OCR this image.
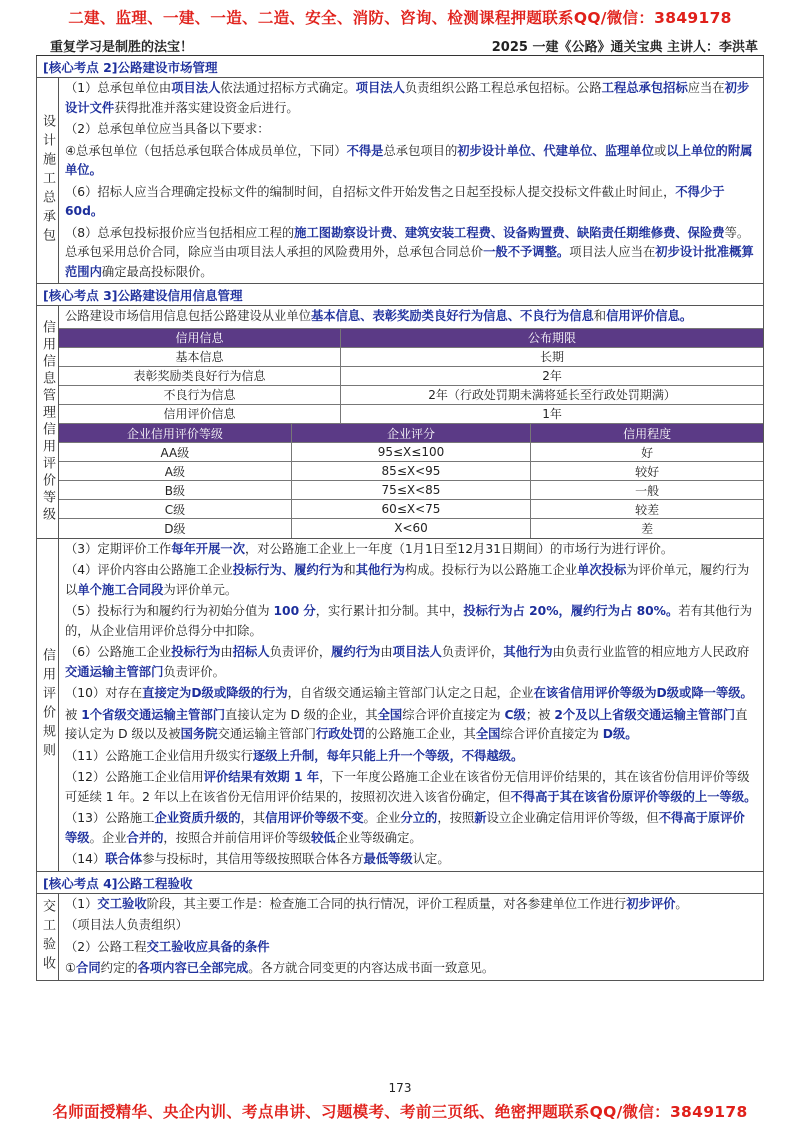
二建、监理、一建、一造、二造、安全、消防、咨询、检测课程押题联系QQ/微信：3849178
重复学习是制胜的法宝！	2025 一建《公路》通关宝典 主讲人：李洪革
[核心考点 2]公路建设市场管理
设计施工总承包
（1）总承包单位由项目法人依法通过招标方式确定。项目法人负责组织公路工程总承包招标。公路工程总承包招标应当在初步设计文件获得批准并落实建设资金后进行。
（2）总承包单位应当具备以下要求：
④总承包单位（包括总承包联合体成员单位，下同）不得是总承包项目的初步设计单位、代建单位、监理单位或以上单位的附属单位。
（6）招标人应当合理确定投标文件的编制时间，自招标文件开始发售之日起至投标人提交投标文件截止时间止，不得少于 60d。
（8）总承包投标报价应当包括相应工程的施工图勘察设计费、建筑安装工程费、设备购置费、缺陷责任期维修费、保险费等。总承包采用总价合同，除应当由项目法人承担的风险费用外，总承包合同总价一般不予调整。项目法人应当在初步设计批准概算范围内确定最高投标限价。
[核心考点 3]公路建设信用信息管理
信用信息管理信用评价等级
公路建设市场信用信息包括公路建设从业单位基本信息、表彰奖励类良好行为信息、不良行为信息和信用评价信息。
信用信息	公布期限
基本信息	长期
表彰奖励类良好行为信息	2年
不良行为信息	2年（行政处罚期未满将延长至行政处罚期满）
信用评价信息	1年
企业信用评价等级	企业评分	信用程度
AA级	95≤X≤100	好
A级	85≤X<95	较好
B级	75≤X<85	一般
C级	60≤X<75	较差
D级	X<60	差
信用评价规则
（3）定期评价工作每年开展一次，对公路施工企业上一年度（1月1日至12月31日期间）的市场行为进行评价。
（4）评价内容由公路施工企业投标行为、履约行为和其他行为构成。投标行为以公路施工企业单次投标为评价单元，履约行为以单个施工合同段为评价单元。
（5）投标行为和履约行为初始分值为 100 分，实行累计扣分制。其中，投标行为占 20%，履约行为占 80%。若有其他行为的，从企业信用评价总得分中扣除。
（6）公路施工企业投标行为由招标人负责评价，履约行为由项目法人负责评价，其他行为由负责行业监管的相应地方人民政府交通运输主管部门负责评价。
（10）对存在直接定为D级或降级的行为，自省级交通运输主管部门认定之日起，企业在该省信用评价等级为D级或降一等级。
被 1个省级交通运输主管部门直接认定为 D 级的企业，其全国综合评价直接定为 C级；被 2个及以上省级交通运输主管部门直接认定为 D 级以及被国务院交通运输主管部门行政处罚的公路施工企业，其全国综合评价直接定为 D级。
（11）公路施工企业信用升级实行逐级上升制，每年只能上升一个等级，不得越级。
（12）公路施工企业信用评价结果有效期 1 年，下一年度公路施工企业在该省份无信用评价结果的，其在该省份信用评价等级可延续 1 年。2 年以上在该省份无信用评价结果的，按照初次进入该省份确定，但不得高于其在该省份原评价等级的上一等级。
（13）公路施工企业资质升级的，其信用评价等级不变。企业分立的，按照新设立企业确定信用评价等级，但不得高于原评价等级。企业合并的，按照合并前信用评价等级较低企业等级确定。
（14）联合体参与投标时，其信用等级按照联合体各方最低等级认定。
[核心考点 4]公路工程验收
交工验收 （1）交工验收阶段，其主要工作是：检查施工合同的执行情况，评价工程质量，对各参建单位工作进行初步评价。
（项目法人负责组织）
（2）公路工程交工验收应具备的条件
①合同约定的各项内容已全部完成。各方就合同变更的内容达成书面一致意见。
173
名师面授精华、央企内训、考点串讲、习题模考、考前三页纸、绝密押题联系QQ/微信：3849178
